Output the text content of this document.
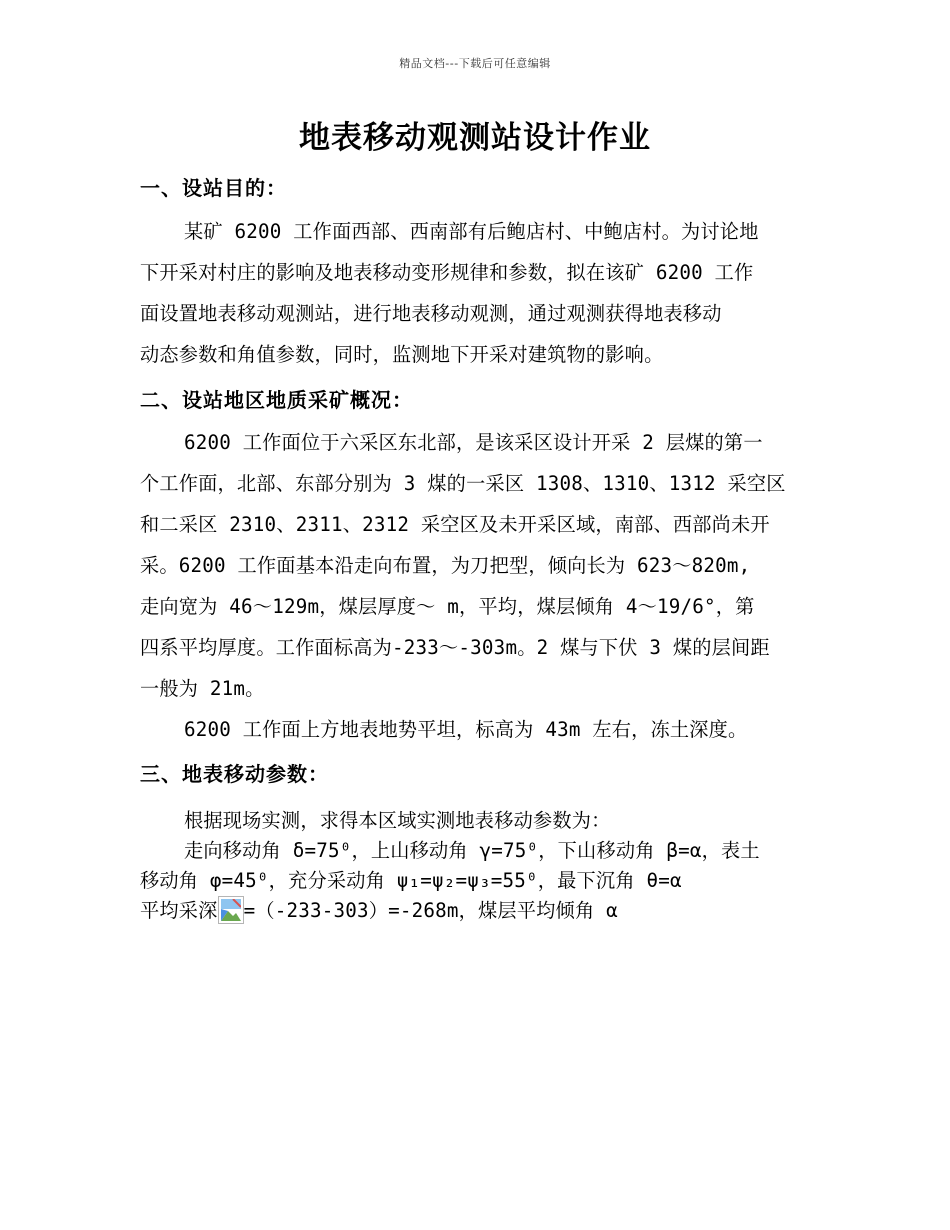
精品文档---下载后可任意编辑
地表移动观测站设计作业
一、设站目的：

某矿 6200 工作面西部、西南部有后鲍店村、中鲍店村。为讨论地

下开采对村庄的影响及地表移动变形规律和参数，拟在该矿 6200 工作

面设置地表移动观测站，进行地表移动观测，通过观测获得地表移动

动态参数和角值参数，同时，监测地下开采对建筑物的影响。

二、设站地区地质采矿概况：

6200 工作面位于六采区东北部，是该采区设计开采 2 层煤的第一

个工作面，北部、东部分别为 3 煤的一采区 1308、1310、1312 采空区

和二采区 2310、2311、2312 采空区及未开采区域，南部、西部尚未开

采。6200 工作面基本沿走向布置，为刀把型，倾向长为 623～820m,

走向宽为 46～129m，煤层厚度～ m，平均，煤层倾角 4～19/6°，第

四系平均厚度。工作面标高为-233～-303m。2 煤与下伏 3 煤的层间距

一般为 21m。

6200 工作面上方地表地势平坦，标高为 43m 左右，冻土深度。

三、地表移动参数：

根据现场实测，求得本区域实测地表移动参数为：

走向移动角 δ=75⁰，上山移动角 γ=75⁰，下山移动角 β=α，表土

移动角 φ=45⁰，充分采动角 ψ₁=ψ₂=ψ₃=55⁰，最下沉角 θ=α

平均采深 =（-233-303）=-268m，煤层平均倾角 α
